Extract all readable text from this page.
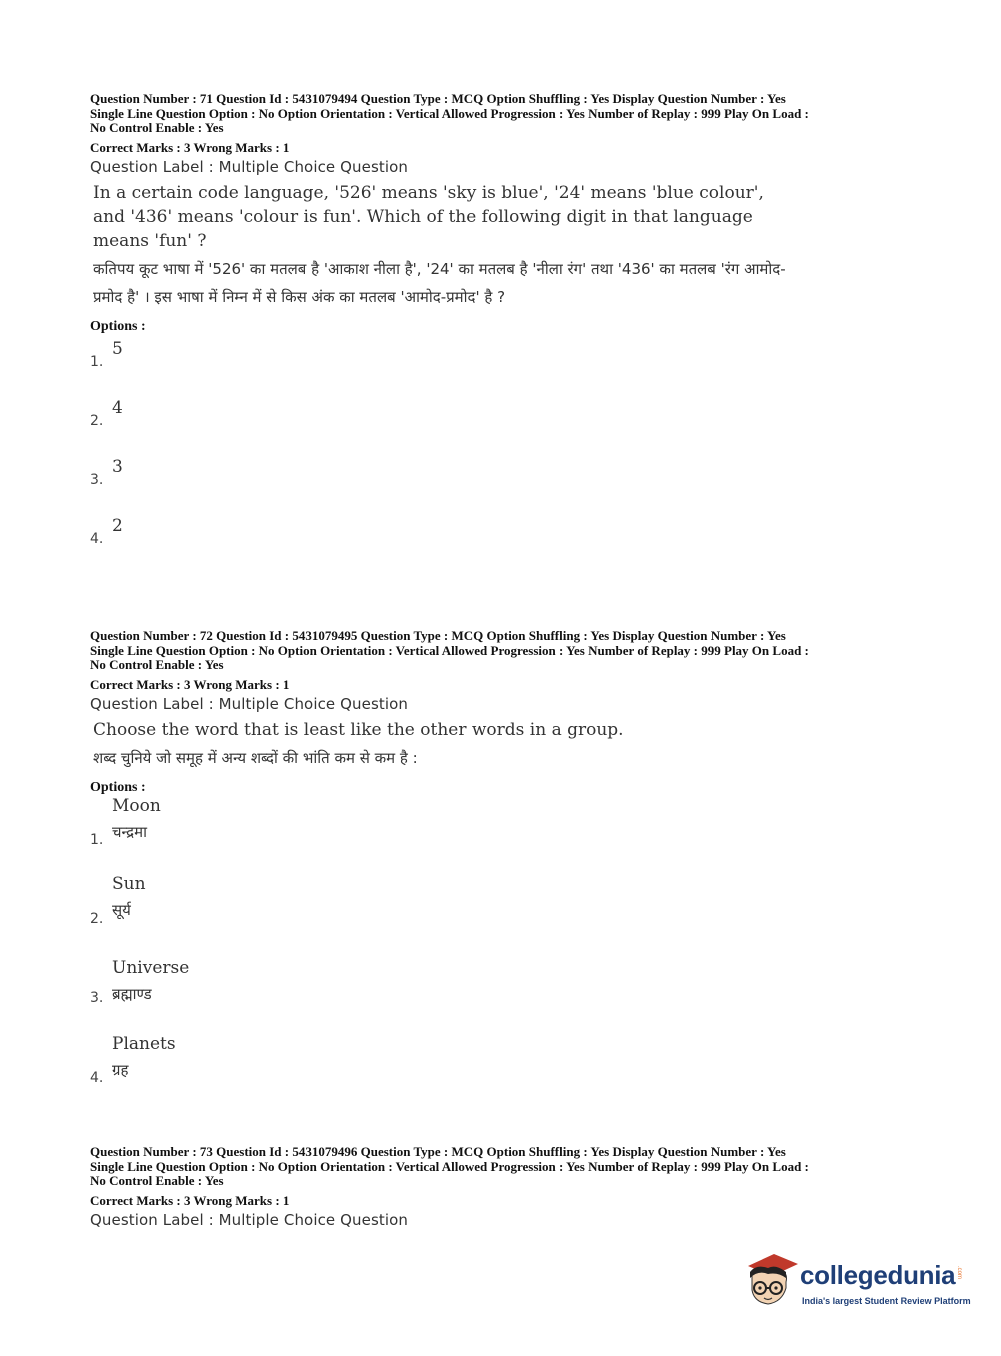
Question Number : 71 Question Id : 5431079494 Question Type : MCQ Option Shuffling : Yes Display Question Number : Yes
Single Line Question Option : No Option Orientation : Vertical Allowed Progression : Yes Number of Replay : 999 Play On Load :
No Control Enable : Yes
Correct Marks : 3 Wrong Marks : 1
Question Label : Multiple Choice Question
In a certain code language, '526' means 'sky is blue', '24' means 'blue colour', and '436' means 'colour is fun'. Which of the following digit in that language means 'fun' ?
कतिपय कूट भाषा में '526' का मतलब है 'आकाश नीला है', '24' का मतलब है 'नीला रंग' तथा '436' का मतलब 'रंग आमोद-प्रमोद है' । इस भाषा में निम्न में से किस अंक का मतलब 'आमोद-प्रमोद' है ?
Options :
1.
5
2.
4
3.
3
4.
2
Question Number : 72 Question Id : 5431079495 Question Type : MCQ Option Shuffling : Yes Display Question Number : Yes
Single Line Question Option : No Option Orientation : Vertical Allowed Progression : Yes Number of Replay : 999 Play On Load :
No Control Enable : Yes
Correct Marks : 3 Wrong Marks : 1
Question Label : Multiple Choice Question
Choose the word that is least like the other words in a group.
शब्द चुनिये जो समूह में अन्य शब्दों की भांति कम से कम है :
Options :
Moon
चन्द्रमा
1.
Sun
सूर्य
2.
Universe
ब्रह्माण्ड
3.
Planets
ग्रह
4.
Question Number : 73 Question Id : 5431079496 Question Type : MCQ Option Shuffling : Yes Display Question Number : Yes
Single Line Question Option : No Option Orientation : Vertical Allowed Progression : Yes Number of Replay : 999 Play On Load :
No Control Enable : Yes
Correct Marks : 3 Wrong Marks : 1
Question Label : Multiple Choice Question
collegedunia .com
India's largest Student Review Platform
